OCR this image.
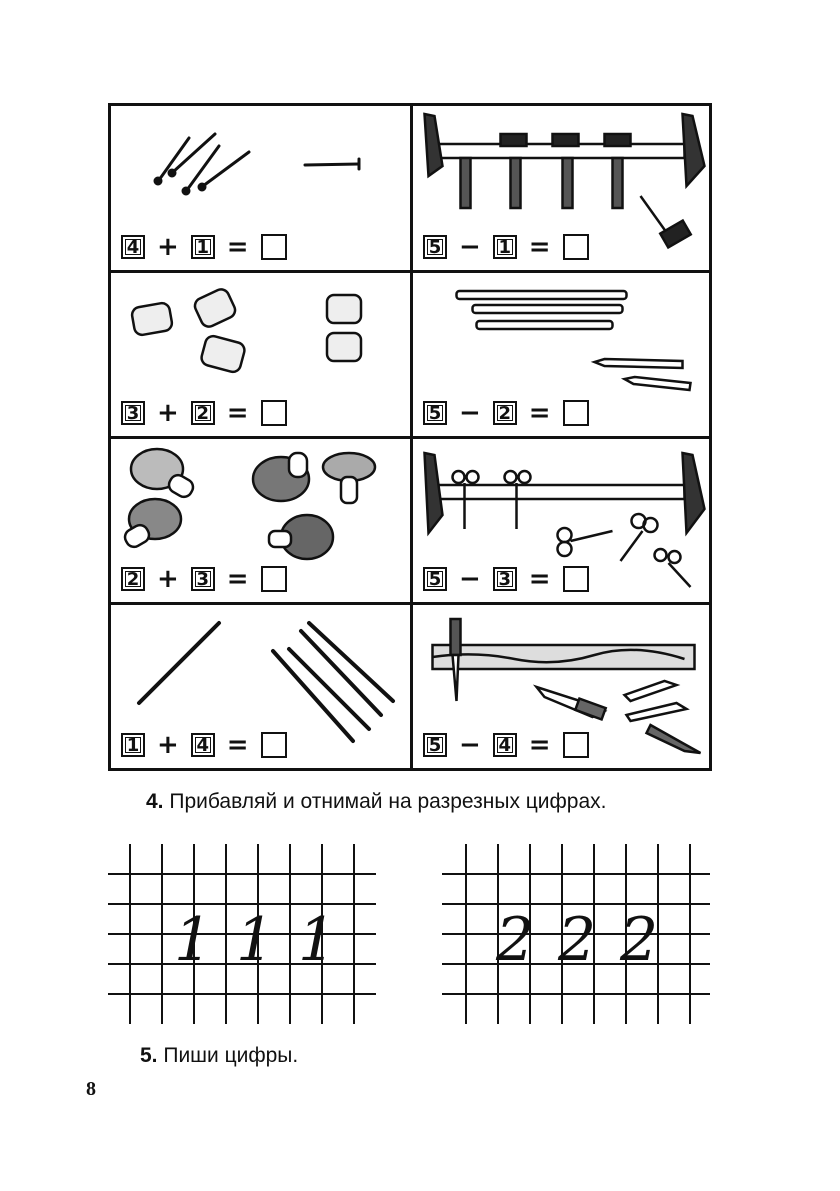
4 + 1 =	5 − 1 =
3 + 2 =	5 − 2 =
2 + 3 =	5 − 3 =
1 + 4 =	5 − 4 =
4. Прибавляй и отнимай на разрезных цифрах.
1 1 1	2 2 2
5. Пиши цифры.
8
